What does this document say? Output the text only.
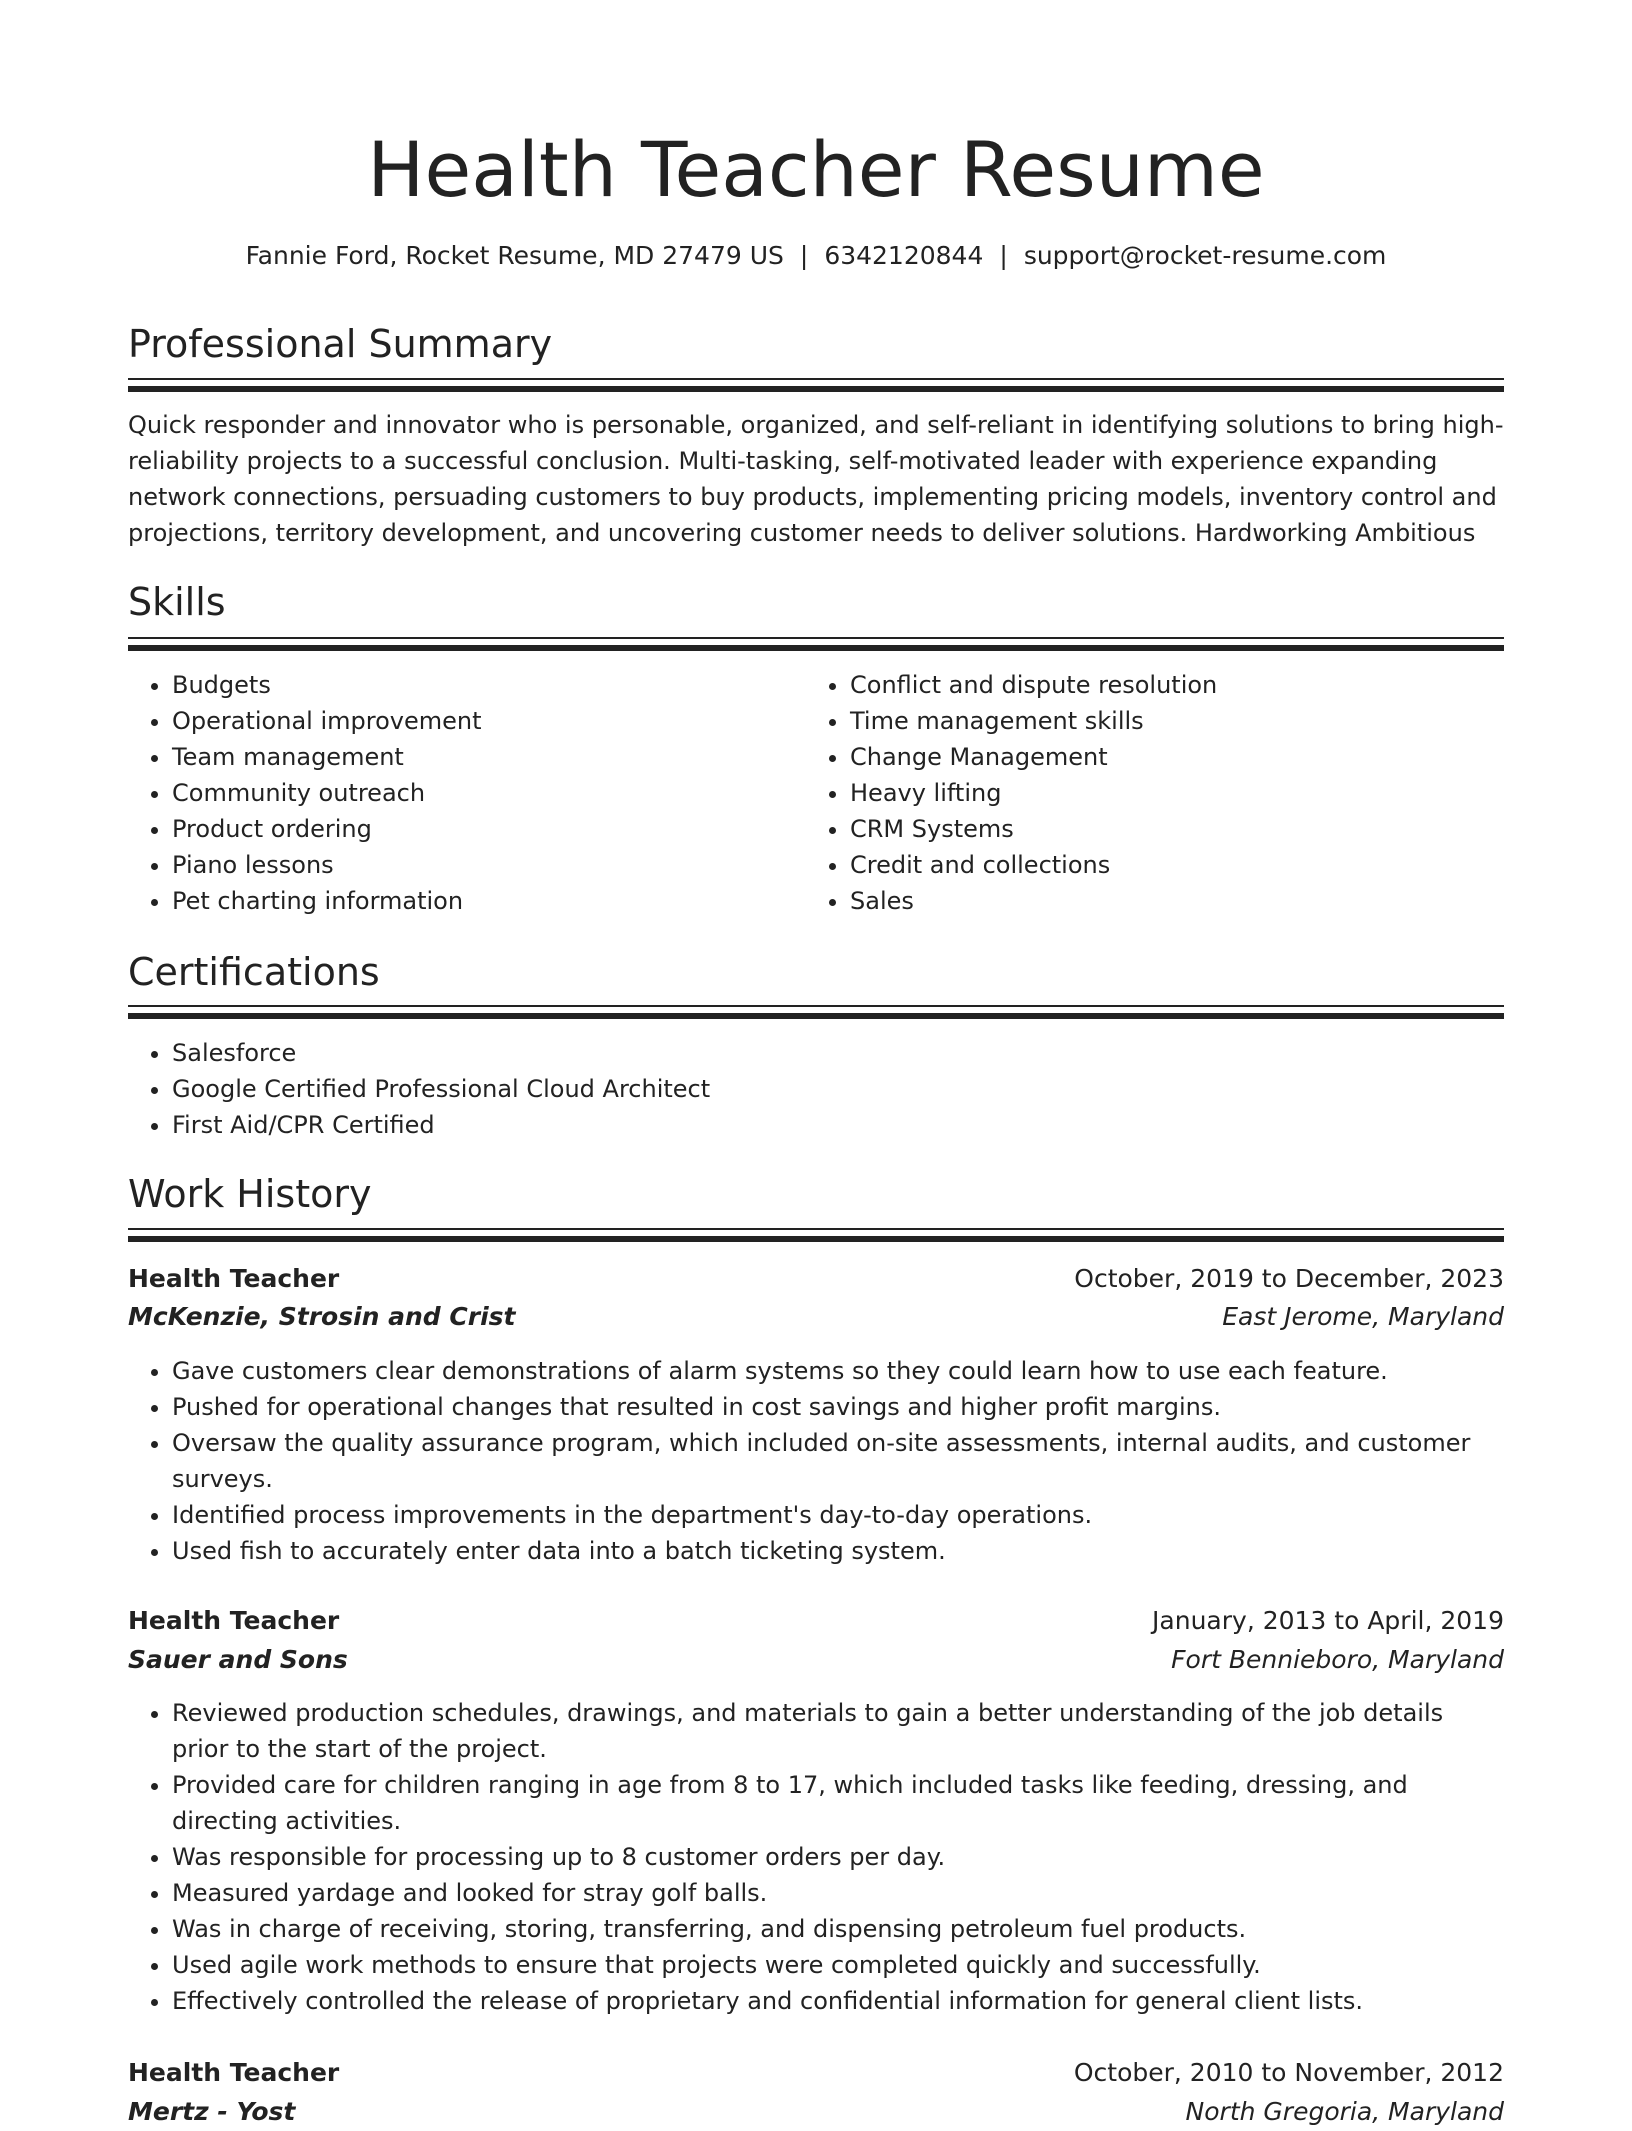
Health Teacher Resume
Fannie Ford, Rocket Resume, MD 27479 US | 6342120844 | support@rocket-resume.com
Professional Summary

Quick responder and innovator who is personable, organized, and self-reliant in identifying solutions to bring high-reliability projects to a successful conclusion. Multi-tasking, self-motivated leader with experience expanding network connections, persuading customers to buy products, implementing pricing models, inventory control and projections, territory development, and uncovering customer needs to deliver solutions. Hardworking Ambitious

Skills
• Budgets
• Operational improvement
• Team management
• Community outreach
• Product ordering
• Piano lessons
• Pet charting information
• Conflict and dispute resolution
• Time management skills
• Change Management
• Heavy lifting
• CRM Systems
• Credit and collections
• Sales
Certifications
• Salesforce
• Google Certified Professional Cloud Architect
• First Aid/CPR Certified
Work History
Health Teacher	October, 2019 to December, 2023
McKenzie, Strosin and Crist	East Jerome, Maryland
• Gave customers clear demonstrations of alarm systems so they could learn how to use each feature.
• Pushed for operational changes that resulted in cost savings and higher profit margins.
• Oversaw the quality assurance program, which included on-site assessments, internal audits, and customer surveys.
• Identified process improvements in the department's day-to-day operations.
• Used fish to accurately enter data into a batch ticketing system.
Health Teacher	January, 2013 to April, 2019
Sauer and Sons	Fort Bennieboro, Maryland
• Reviewed production schedules, drawings, and materials to gain a better understanding of the job details prior to the start of the project.
• Provided care for children ranging in age from 8 to 17, which included tasks like feeding, dressing, and directing activities.
• Was responsible for processing up to 8 customer orders per day.
• Measured yardage and looked for stray golf balls.
• Was in charge of receiving, storing, transferring, and dispensing petroleum fuel products.
• Used agile work methods to ensure that projects were completed quickly and successfully.
• Effectively controlled the release of proprietary and confidential information for general client lists.
Health Teacher	October, 2010 to November, 2012
Mertz - Yost	North Gregoria, Maryland
